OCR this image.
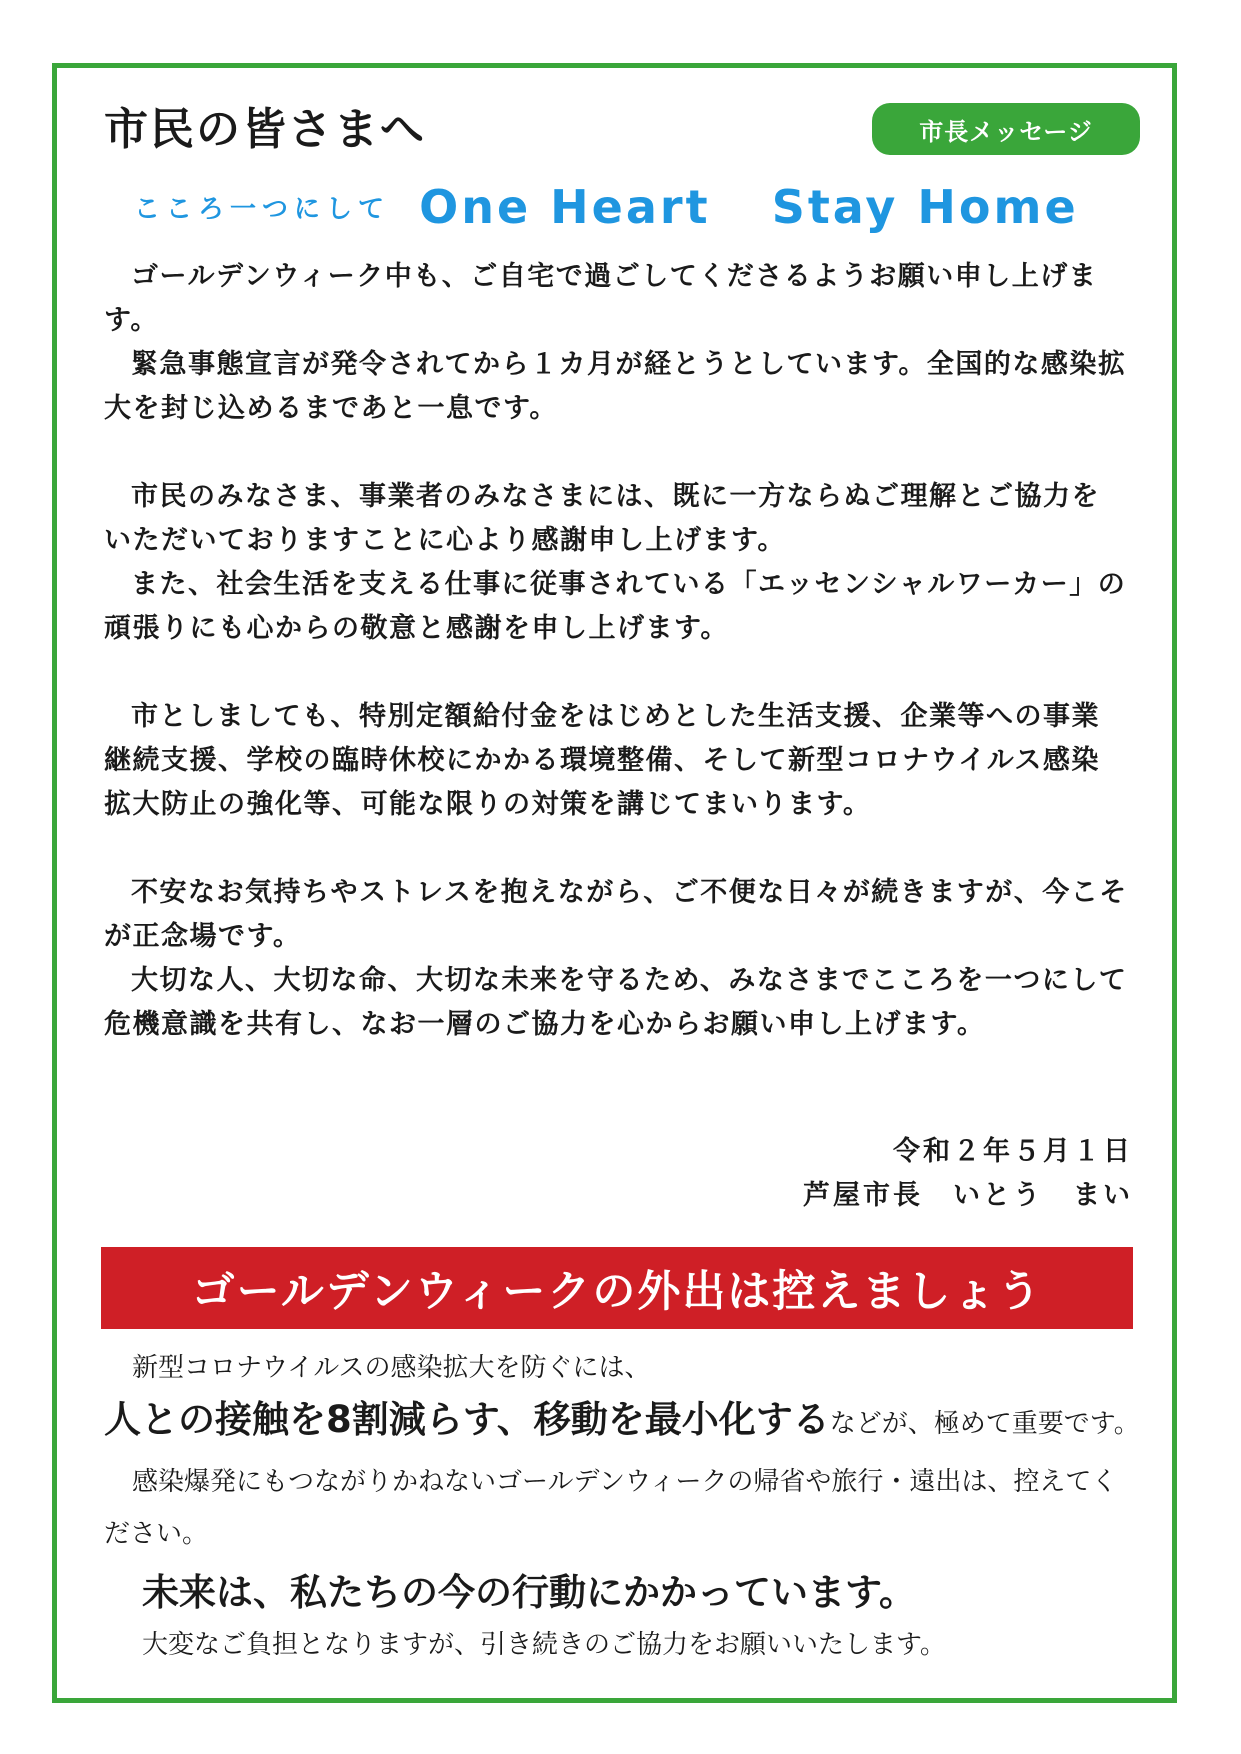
市民の皆さまへ	市長メッセージ
こころ一つにして One Heart Stay Home

ゴールデンウィーク中も、ご自宅で過ごしてくださるようお願い申し上げます。

緊急事態宣言が発令されてから１カ月が経とうとしています。全国的な感染拡大を封じ込めるまであと一息です。

市民のみなさま、事業者のみなさまには、既に一方ならぬご理解とご協力をいただいておりますことに心より感謝申し上げます。

また、社会生活を支える仕事に従事されている「エッセンシャルワーカー」の頑張りにも心からの敬意と感謝を申し上げます。

市としましても、特別定額給付金をはじめとした生活支援、企業等への事業継続支援、学校の臨時休校にかかる環境整備、そして新型コロナウイルス感染拡大防止の強化等、可能な限りの対策を講じてまいります。

不安なお気持ちやストレスを抱えながら、ご不便な日々が続きますが、今こそが正念場です。

大切な人、大切な命、大切な未来を守るため、みなさまでこころを一つにして危機意識を共有し、なお一層のご協力を心からお願い申し上げます。

令和２年５月１日
芦屋市長　いとう　まい
ゴールデンウィークの外出は控えましょう

新型コロナウイルスの感染拡大を防ぐには、

人との接触を8割減らす、移動を最小化するなどが、極めて重要です。

感染爆発にもつながりかねないゴールデンウィークの帰省や旅行・遠出は、控えてください。

未来は、私たちの今の行動にかかっています。

大変なご負担となりますが、引き続きのご協力をお願いいたします。
